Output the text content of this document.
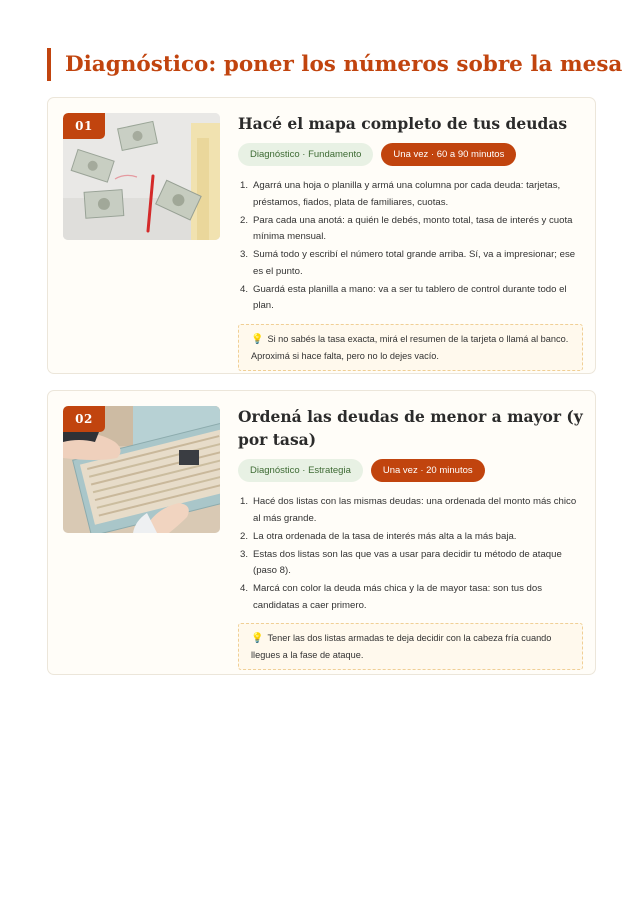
Diagnóstico: poner los números sobre la mesa
01	Hacé el mapa completo de tus deudas
Diagnóstico · Fundamento	Una vez · 60 a 90 minutos
Agarrá una hoja o planilla y armá una columna por cada deuda: tarjetas, préstamos, fiados, plata de familiares, cuotas.
Para cada una anotá: a quién le debés, monto total, tasa de interés y cuota mínima mensual.
Sumá todo y escribí el número total grande arriba. Sí, va a impresionar; ese es el punto.
Guardá esta planilla a mano: va a ser tu tablero de control durante todo el plan.
💡 Si no sabés la tasa exacta, mirá el resumen de la tarjeta o llamá al banco. Aproximá si hace falta, pero no lo dejes vacío.
02	Ordená las deudas de menor a mayor (y por tasa)
Diagnóstico · Estrategia	Una vez · 20 minutos
Hacé dos listas con las mismas deudas: una ordenada del monto más chico al más grande.
La otra ordenada de la tasa de interés más alta a la más baja.
Estas dos listas son las que vas a usar para decidir tu método de ataque (paso 8).
Marcá con color la deuda más chica y la de mayor tasa: son tus dos candidatas a caer primero.
💡 Tener las dos listas armadas te deja decidir con la cabeza fría cuando llegues a la fase de ataque.
